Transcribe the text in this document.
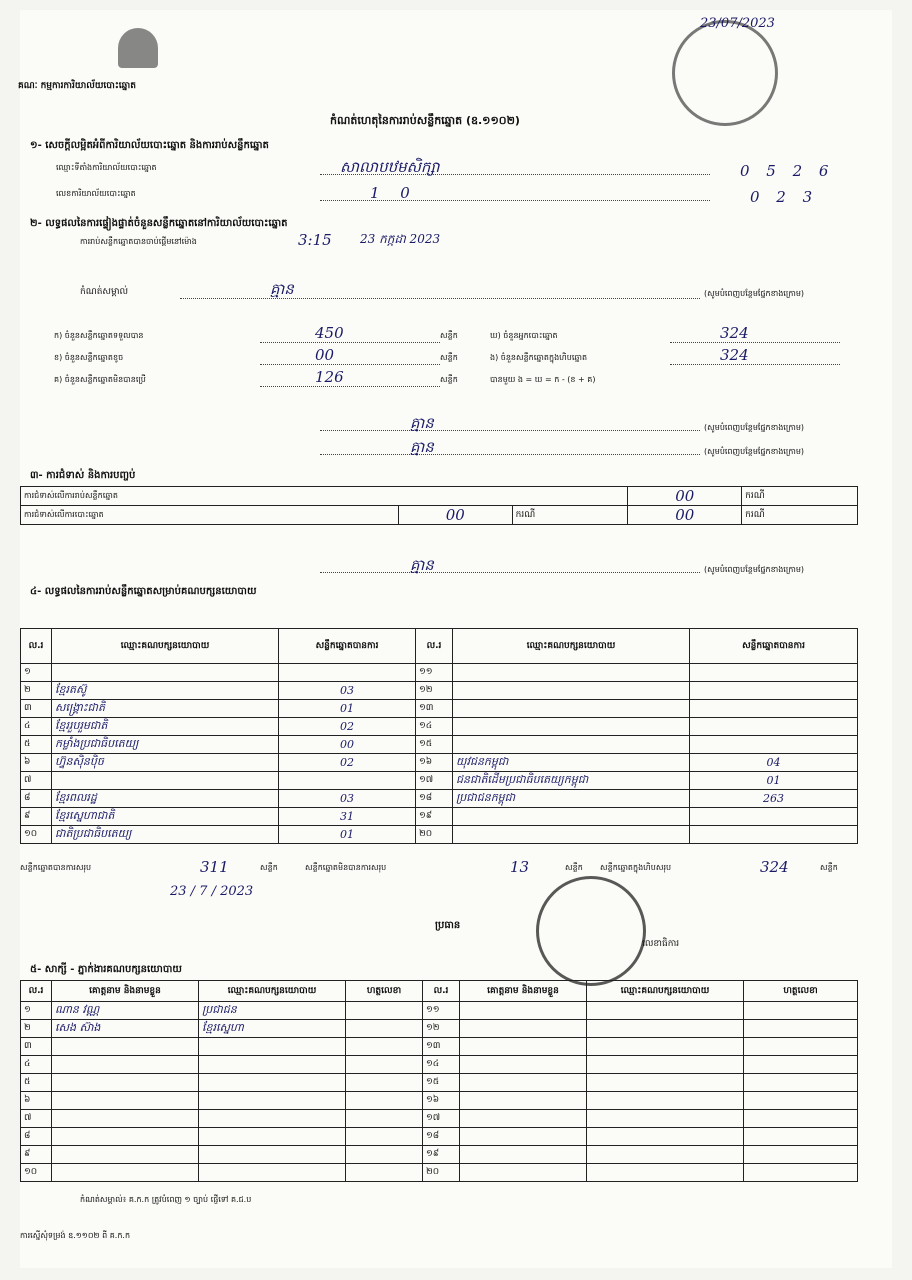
គណៈ កម្មការការិយាល័យបោះឆ្នោត
23/07/2023
កំណត់ហេតុនៃការរាប់សន្លឹកឆ្នោត (ឧ.១១០២)
១- សេចក្តីលម្អិតអំពីការិយាល័យបោះឆ្នោត និងការរាប់សន្លឹកឆ្នោត
ឈ្មោះទីតាំងការិយាល័យបោះឆ្នោត	សាលាបឋមសិក្សា	0 5 2 6
លេខការិយាល័យបោះឆ្នោត	1 0	0 2 3
២- លទ្ធផលនៃការផ្ទៀងផ្ទាត់ចំនួនសន្លឹកឆ្នោតនៅការិយាល័យបោះឆ្នោត
ការរាប់សន្លឹកឆ្នោតបានចាប់ផ្តើមនៅម៉ោង	3:15 23 កក្កដា 2023
កំណត់សម្គាល់	គ្មាន	(សូមបំពេញបន្ថែមផ្នែកខាងក្រោម)
ក) ចំនួនសន្លឹកឆ្នោតទទួលបាន	450	សន្លឹក
ខ) ចំនួនសន្លឹកឆ្នោតខូច	00	សន្លឹក
គ) ចំនួនសន្លឹកឆ្នោតមិនបានប្រើ	126	សន្លឹក
ឃ) ចំនួនអ្នកបោះឆ្នោត	324
ង) ចំនួនសន្លឹកឆ្នោតក្នុងហិបឆ្នោត	324
បានមួយ ង = ឃ = ក - (ខ + គ)
គ្មាន	(សូមបំពេញបន្ថែមផ្នែកខាងក្រោម)
គ្មាន	(សូមបំពេញបន្ថែមផ្នែកខាងក្រោម)
៣- ការជំទាស់ និងការបញ្ចប់
ការជំទាស់លើការរាប់សន្លឹកឆ្នោត			00	ករណី
ការជំទាស់លើការបោះឆ្នោត	00	ករណី	00	ករណី
គ្មាន	(សូមបំពេញបន្ថែមផ្នែកខាងក្រោម)
៤- លទ្ធផលនៃការរាប់សន្លឹកឆ្នោតសម្រាប់គណបក្សនយោបាយ
ល.រ	ឈ្មោះគណបក្សនយោបាយ	សន្លឹកឆ្នោតបានការ	ល.រ	ឈ្មោះគណបក្សនយោបាយ	សន្លឹកឆ្នោតបានការ
១			១១		
២	ខ្មែរតស៊ូ	03	១២		
៣	សង្គ្រោះជាតិ	01	១៣		
៤	ខ្មែររួបរួមជាតិ	02	១៤		
៥	កម្លាំងប្រជាធិបតេយ្យ	00	១៥		
៦	ហ្វ៊ុនស៊ិនប៉ិច	02	១៦	យុវជនកម្ពុជា	04
៧			១៧	ជនជាតិដើមប្រជាធិបតេយ្យកម្ពុជា	01
៨	ខ្មែរពលរដ្ឋ	03	១៨	ប្រជាជនកម្ពុជា	263
៩	ខ្មែរស្នេហាជាតិ	31	១៩		
១០	ជាតិប្រជាធិបតេយ្យ	01	២០		
សន្លឹកឆ្នោតបានការសរុប	311	សន្លឹក	សន្លឹកឆ្នោតមិនបានការសរុប	13	សន្លឹក សន្លឹកឆ្នោតក្នុងហិបសរុប	324	សន្លឹក
23 / 7 / 2023
ប្រធាន
លេខាធិការ
៥- សាក្សី - ភ្នាក់ងារគណបក្សនយោបាយ
ល.រ	គោត្តនាម និងនាមខ្លួន	ឈ្មោះគណបក្សនយោបាយ	ហត្ថលេខា	ល.រ	គោត្តនាម និងនាមខ្លួន	ឈ្មោះគណបក្សនយោបាយ	ហត្ថលេខា
១	ណាន វណ្ណ	ប្រជាជន		១១			
២	សេង ស៊ាង	ខ្មែរស្នេហា		១២			
៣				១៣			
៤				១៤			
៥				១៥			
៦				១៦			
៧				១៧			
៨				១៨			
៩				១៩			
១០				២០			
កំណត់សម្គាល់៖ គ.ក.ក ត្រូវបំពេញ ១ ច្បាប់ ផ្ញើទៅ គ.ជ.ប
ការស្នើសុំទម្រង់ ឧ.១១០២ ពី គ.ក.ក
